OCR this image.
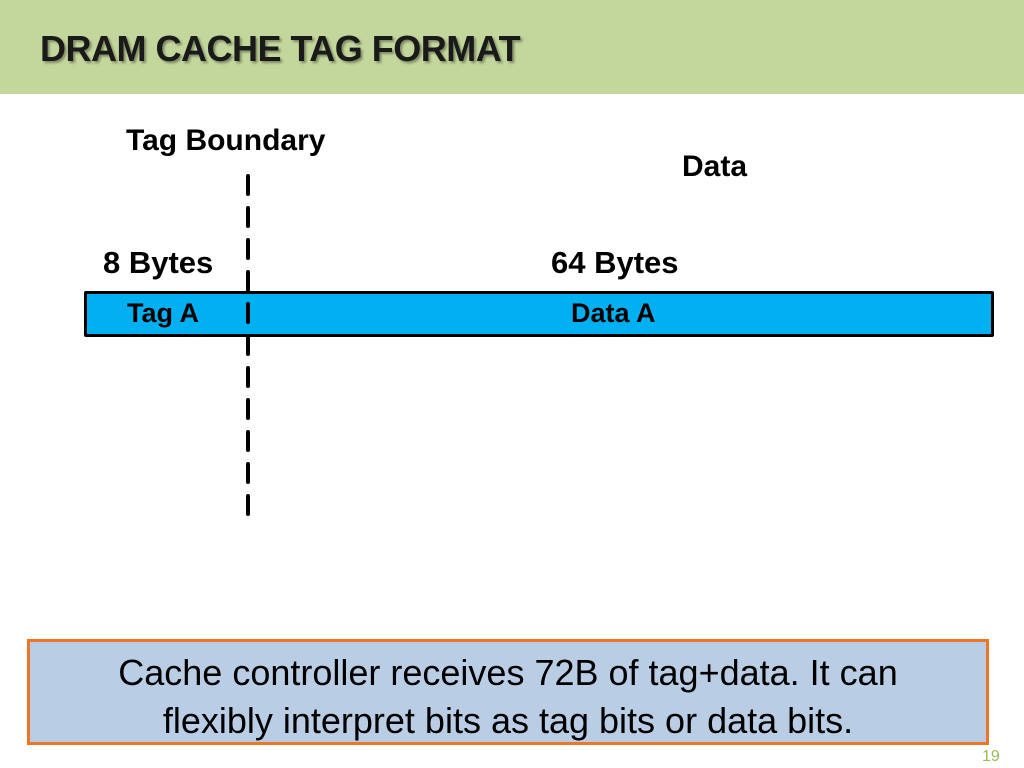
DRAM CACHE TAG FORMAT
Tag Boundary
Data
8 Bytes	64 Bytes
Tag A	Data A
Cache controller receives 72B of tag+data. It can
flexibly interpret bits as tag bits or data bits.
19
